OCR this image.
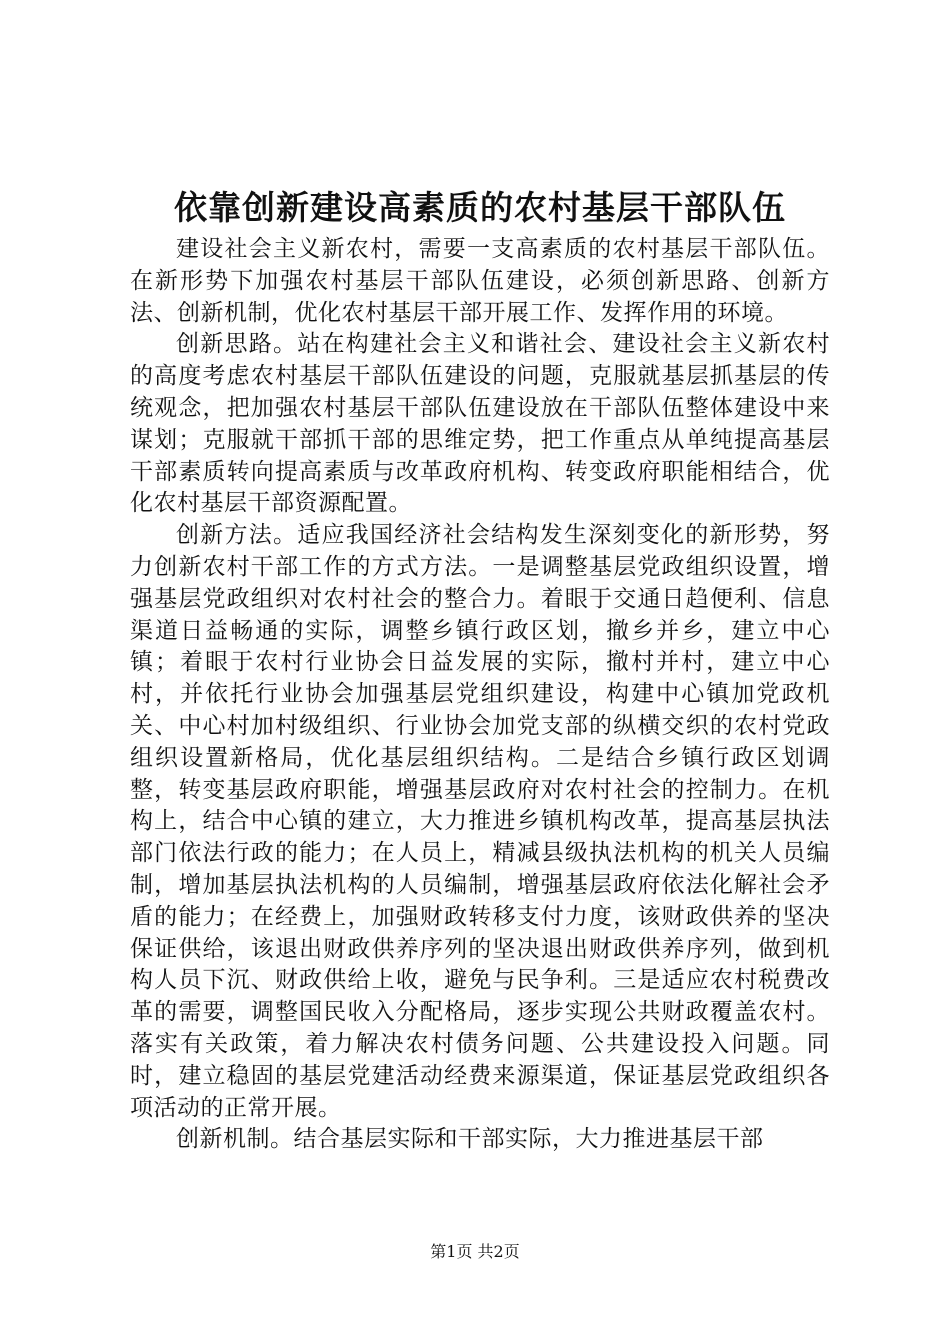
依靠创新建设高素质的农村基层干部队伍

建设社会主义新农村，需要一支高素质的农村基层干部队伍。在新形势下加强农村基层干部队伍建设，必须创新思路、创新方法、创新机制，优化农村基层干部开展工作、发挥作用的环境。

创新思路。站在构建社会主义和谐社会、建设社会主义新农村的高度考虑农村基层干部队伍建设的问题，克服就基层抓基层的传统观念，把加强农村基层干部队伍建设放在干部队伍整体建设中来谋划；克服就干部抓干部的思维定势，把工作重点从单纯提高基层干部素质转向提高素质与改革政府机构、转变政府职能相结合，优化农村基层干部资源配置。

创新方法。适应我国经济社会结构发生深刻变化的新形势，努力创新农村干部工作的方式方法。一是调整基层党政组织设置，增强基层党政组织对农村社会的整合力。着眼于交通日趋便利、信息渠道日益畅通的实际，调整乡镇行政区划，撤乡并乡，建立中心镇；着眼于农村行业协会日益发展的实际，撤村并村，建立中心村，并依托行业协会加强基层党组织建设，构建中心镇加党政机关、中心村加村级组织、行业协会加党支部的纵横交织的农村党政组织设置新格局，优化基层组织结构。二是结合乡镇行政区划调整，转变基层政府职能，增强基层政府对农村社会的控制力。在机构上，结合中心镇的建立，大力推进乡镇机构改革，提高基层执法部门依法行政的能力；在人员上，精减县级执法机构的机关人员编制，增加基层执法机构的人员编制，增强基层政府依法化解社会矛盾的能力；在经费上，加强财政转移支付力度，该财政供养的坚决保证供给，该退出财政供养序列的坚决退出财政供养序列，做到机构人员下沉、财政供给上收，避免与民争利。三是适应农村税费改革的需要，调整国民收入分配格局，逐步实现公共财政覆盖农村。落实有关政策，着力解决农村债务问题、公共建设投入问题。同时，建立稳固的基层党建活动经费来源渠道，保证基层党政组织各项活动的正常开展。

创新机制。结合基层实际和干部实际，大力推进基层干部

第1页 共2页
